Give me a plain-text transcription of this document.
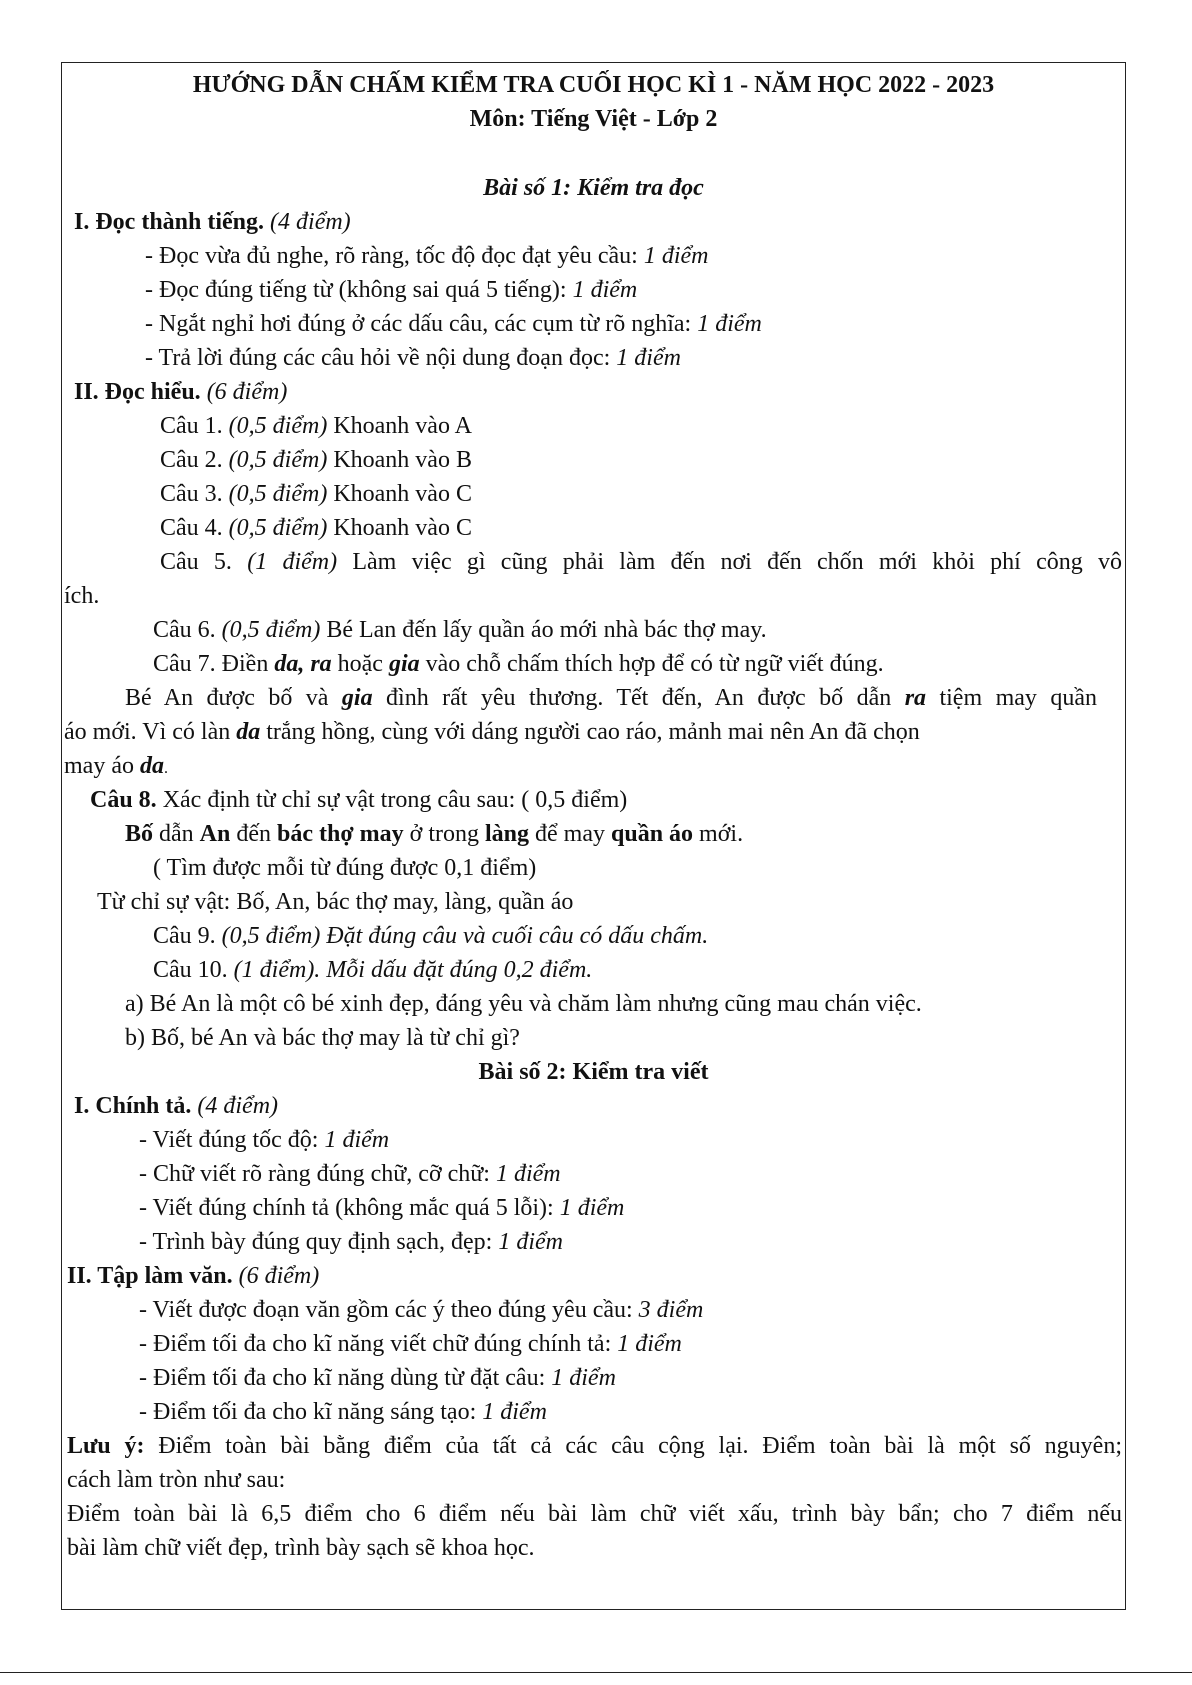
HƯỚNG DẪN CHẤM KIỂM TRA CUỐI HỌC KÌ 1 - NĂM HỌC 2022 - 2023
Môn: Tiếng Việt - Lớp 2
Bài số 1: Kiểm tra đọc
I. Đọc thành tiếng. (4 điểm)
- Đọc vừa đủ nghe, rõ ràng, tốc độ đọc đạt yêu cầu: 1 điểm
- Đọc đúng tiếng từ (không sai quá 5 tiếng): 1 điểm
- Ngắt nghỉ hơi đúng ở các dấu câu, các cụm từ rõ nghĩa: 1 điểm
- Trả lời đúng các câu hỏi về nội dung đoạn đọc: 1 điểm
II. Đọc hiểu. (6 điểm)
Câu 1. (0,5 điểm) Khoanh vào A
Câu 2. (0,5 điểm) Khoanh vào B
Câu 3. (0,5 điểm) Khoanh vào C
Câu 4. (0,5 điểm) Khoanh vào C
Câu 5. (1 điểm) Làm việc gì cũng phải làm đến nơi đến chốn mới khỏi phí công vô
ích.
Câu 6. (0,5 điểm) Bé Lan đến lấy quần áo mới nhà bác thợ may.
Câu 7. Điền da, ra hoặc gia vào chỗ chấm thích hợp để có từ ngữ viết đúng.
Bé An được bố và gia đình rất yêu thương. Tết đến, An được bố dẫn ra tiệm may quần
áo mới. Vì có làn da trắng hồng, cùng với dáng người cao ráo, mảnh mai nên An đã chọn
may áo da.
Câu 8. Xác định từ chỉ sự vật trong câu sau: ( 0,5 điểm)
Bố dẫn An đến bác thợ may ở trong làng để may quần áo mới.
( Tìm được mỗi từ đúng được 0,1 điểm)
Từ chỉ sự vật: Bố, An, bác thợ may, làng, quần áo
Câu 9. (0,5 điểm) Đặt đúng câu và cuối câu có dấu chấm.
Câu 10. (1 điểm). Mỗi dấu đặt đúng 0,2 điểm.
a) Bé An là một cô bé xinh đẹp, đáng yêu và chăm làm nhưng cũng mau chán việc.
b) Bố, bé An và bác thợ may là từ chỉ gì?
Bài số 2: Kiểm tra viết
I. Chính tả. (4 điểm)
- Viết đúng tốc độ: 1 điểm
- Chữ viết rõ ràng đúng chữ, cỡ chữ: 1 điểm
- Viết đúng chính tả (không mắc quá 5 lỗi): 1 điểm
- Trình bày đúng quy định sạch, đẹp: 1 điểm
II. Tập làm văn. (6 điểm)
- Viết được đoạn văn gồm các ý theo đúng yêu cầu: 3 điểm
- Điểm tối đa cho kĩ năng viết chữ đúng chính tả: 1 điểm
- Điểm tối đa cho kĩ năng dùng từ đặt câu: 1 điểm
- Điểm tối đa cho kĩ năng sáng tạo: 1 điểm
Lưu ý: Điểm toàn bài bằng điểm của tất cả các câu cộng lại. Điểm toàn bài là một số nguyên;
cách làm tròn như sau:
Điểm toàn bài là 6,5 điểm cho 6 điểm nếu bài làm chữ viết xấu, trình bày bẩn; cho 7 điểm nếu
bài làm chữ viết đẹp, trình bày sạch sẽ khoa học.
